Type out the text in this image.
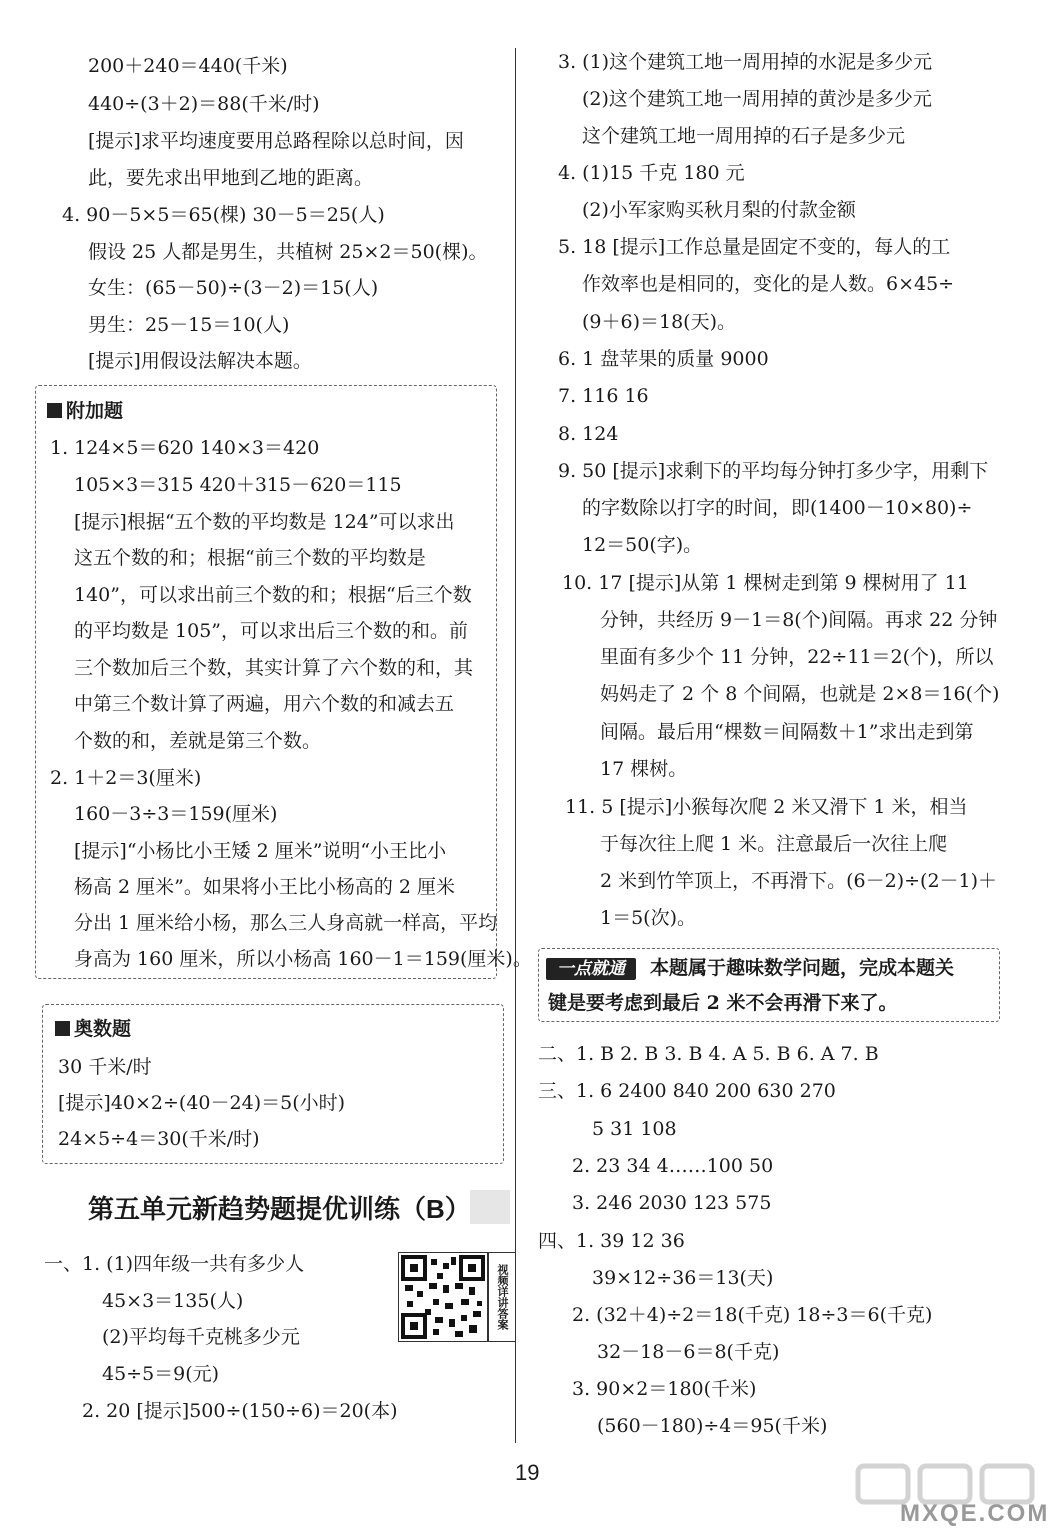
200＋240＝440(千米)
440÷(3＋2)＝88(千米/时)
[提示]求平均速度要用总路程除以总时间，因
此，要先求出甲地到乙地的距离。
4. 90－5×5＝65(棵) 30－5＝25(人)
假设 25 人都是男生，共植树 25×2＝50(棵)。
女生：(65－50)÷(3－2)＝15(人)
男生：25－15＝10(人)
[提示]用假设法解决本题。
附加题
1. 124×5＝620 140×3＝420
105×3＝315 420＋315－620＝115
[提示]根据“五个数的平均数是 124”可以求出
这五个数的和；根据“前三个数的平均数是
140”，可以求出前三个数的和；根据“后三个数
的平均数是 105”，可以求出后三个数的和。前
三个数加后三个数，其实计算了六个数的和，其
中第三个数计算了两遍，用六个数的和减去五
个数的和，差就是第三个数。
2. 1＋2＝3(厘米)
160－3÷3＝159(厘米)
[提示]“小杨比小王矮 2 厘米”说明“小王比小
杨高 2 厘米”。如果将小王比小杨高的 2 厘米
分出 1 厘米给小杨，那么三人身高就一样高，平均
身高为 160 厘米，所以小杨高 160－1＝159(厘米)。
奥数题
30 千米/时
[提示]40×2÷(40－24)＝5(小时)
24×5÷4＝30(千米/时)
第五单元新趋势题提优训练（B）
视频详讲答案
一、1. (1)四年级一共有多少人
45×3＝135(人)
(2)平均每千克桃多少元
45÷5＝9(元)
2. 20 [提示]500÷(150÷6)＝20(本)
3. (1)这个建筑工地一周用掉的水泥是多少元
(2)这个建筑工地一周用掉的黄沙是多少元
这个建筑工地一周用掉的石子是多少元
4. (1)15 千克 180 元
(2)小军家购买秋月梨的付款金额
5. 18 [提示]工作总量是固定不变的，每人的工
作效率也是相同的，变化的是人数。6×45÷
(9＋6)＝18(天)。
6. 1 盘苹果的质量 9000
7. 116 16
8. 124
9. 50 [提示]求剩下的平均每分钟打多少字，用剩下
的字数除以打字的时间，即(1400－10×80)÷
12＝50(字)。
10. 17 [提示]从第 1 棵树走到第 9 棵树用了 11
分钟，共经历 9－1＝8(个)间隔。再求 22 分钟
里面有多少个 11 分钟，22÷11＝2(个)，所以
妈妈走了 2 个 8 个间隔，也就是 2×8＝16(个)
间隔。最后用“棵数＝间隔数＋1”求出走到第
17 棵树。
11. 5 [提示]小猴每次爬 2 米又滑下 1 米，相当
于每次往上爬 1 米。注意最后一次往上爬
2 米到竹竿顶上，不再滑下。(6－2)÷(2－1)＋
1＝5(次)。
一点就通	本题属于趣味数学问题，完成本题关
键是要考虑到最后 2 米不会再滑下来了。
二、1. B 2. B 3. B 4. A 5. B 6. A 7. B
三、1. 6 2400 840 200 630 270
5 31 108
2. 23 34 4……100 50
3. 246 2030 123 575
四、1. 39 12 36
39×12÷36＝13(天)
2. (32＋4)÷2＝18(千克) 18÷3＝6(千克)
32－18－6＝8(千克)
3. 90×2＝180(千米)
(560－180)÷4＝95(千米)
19
MXQE.COM
